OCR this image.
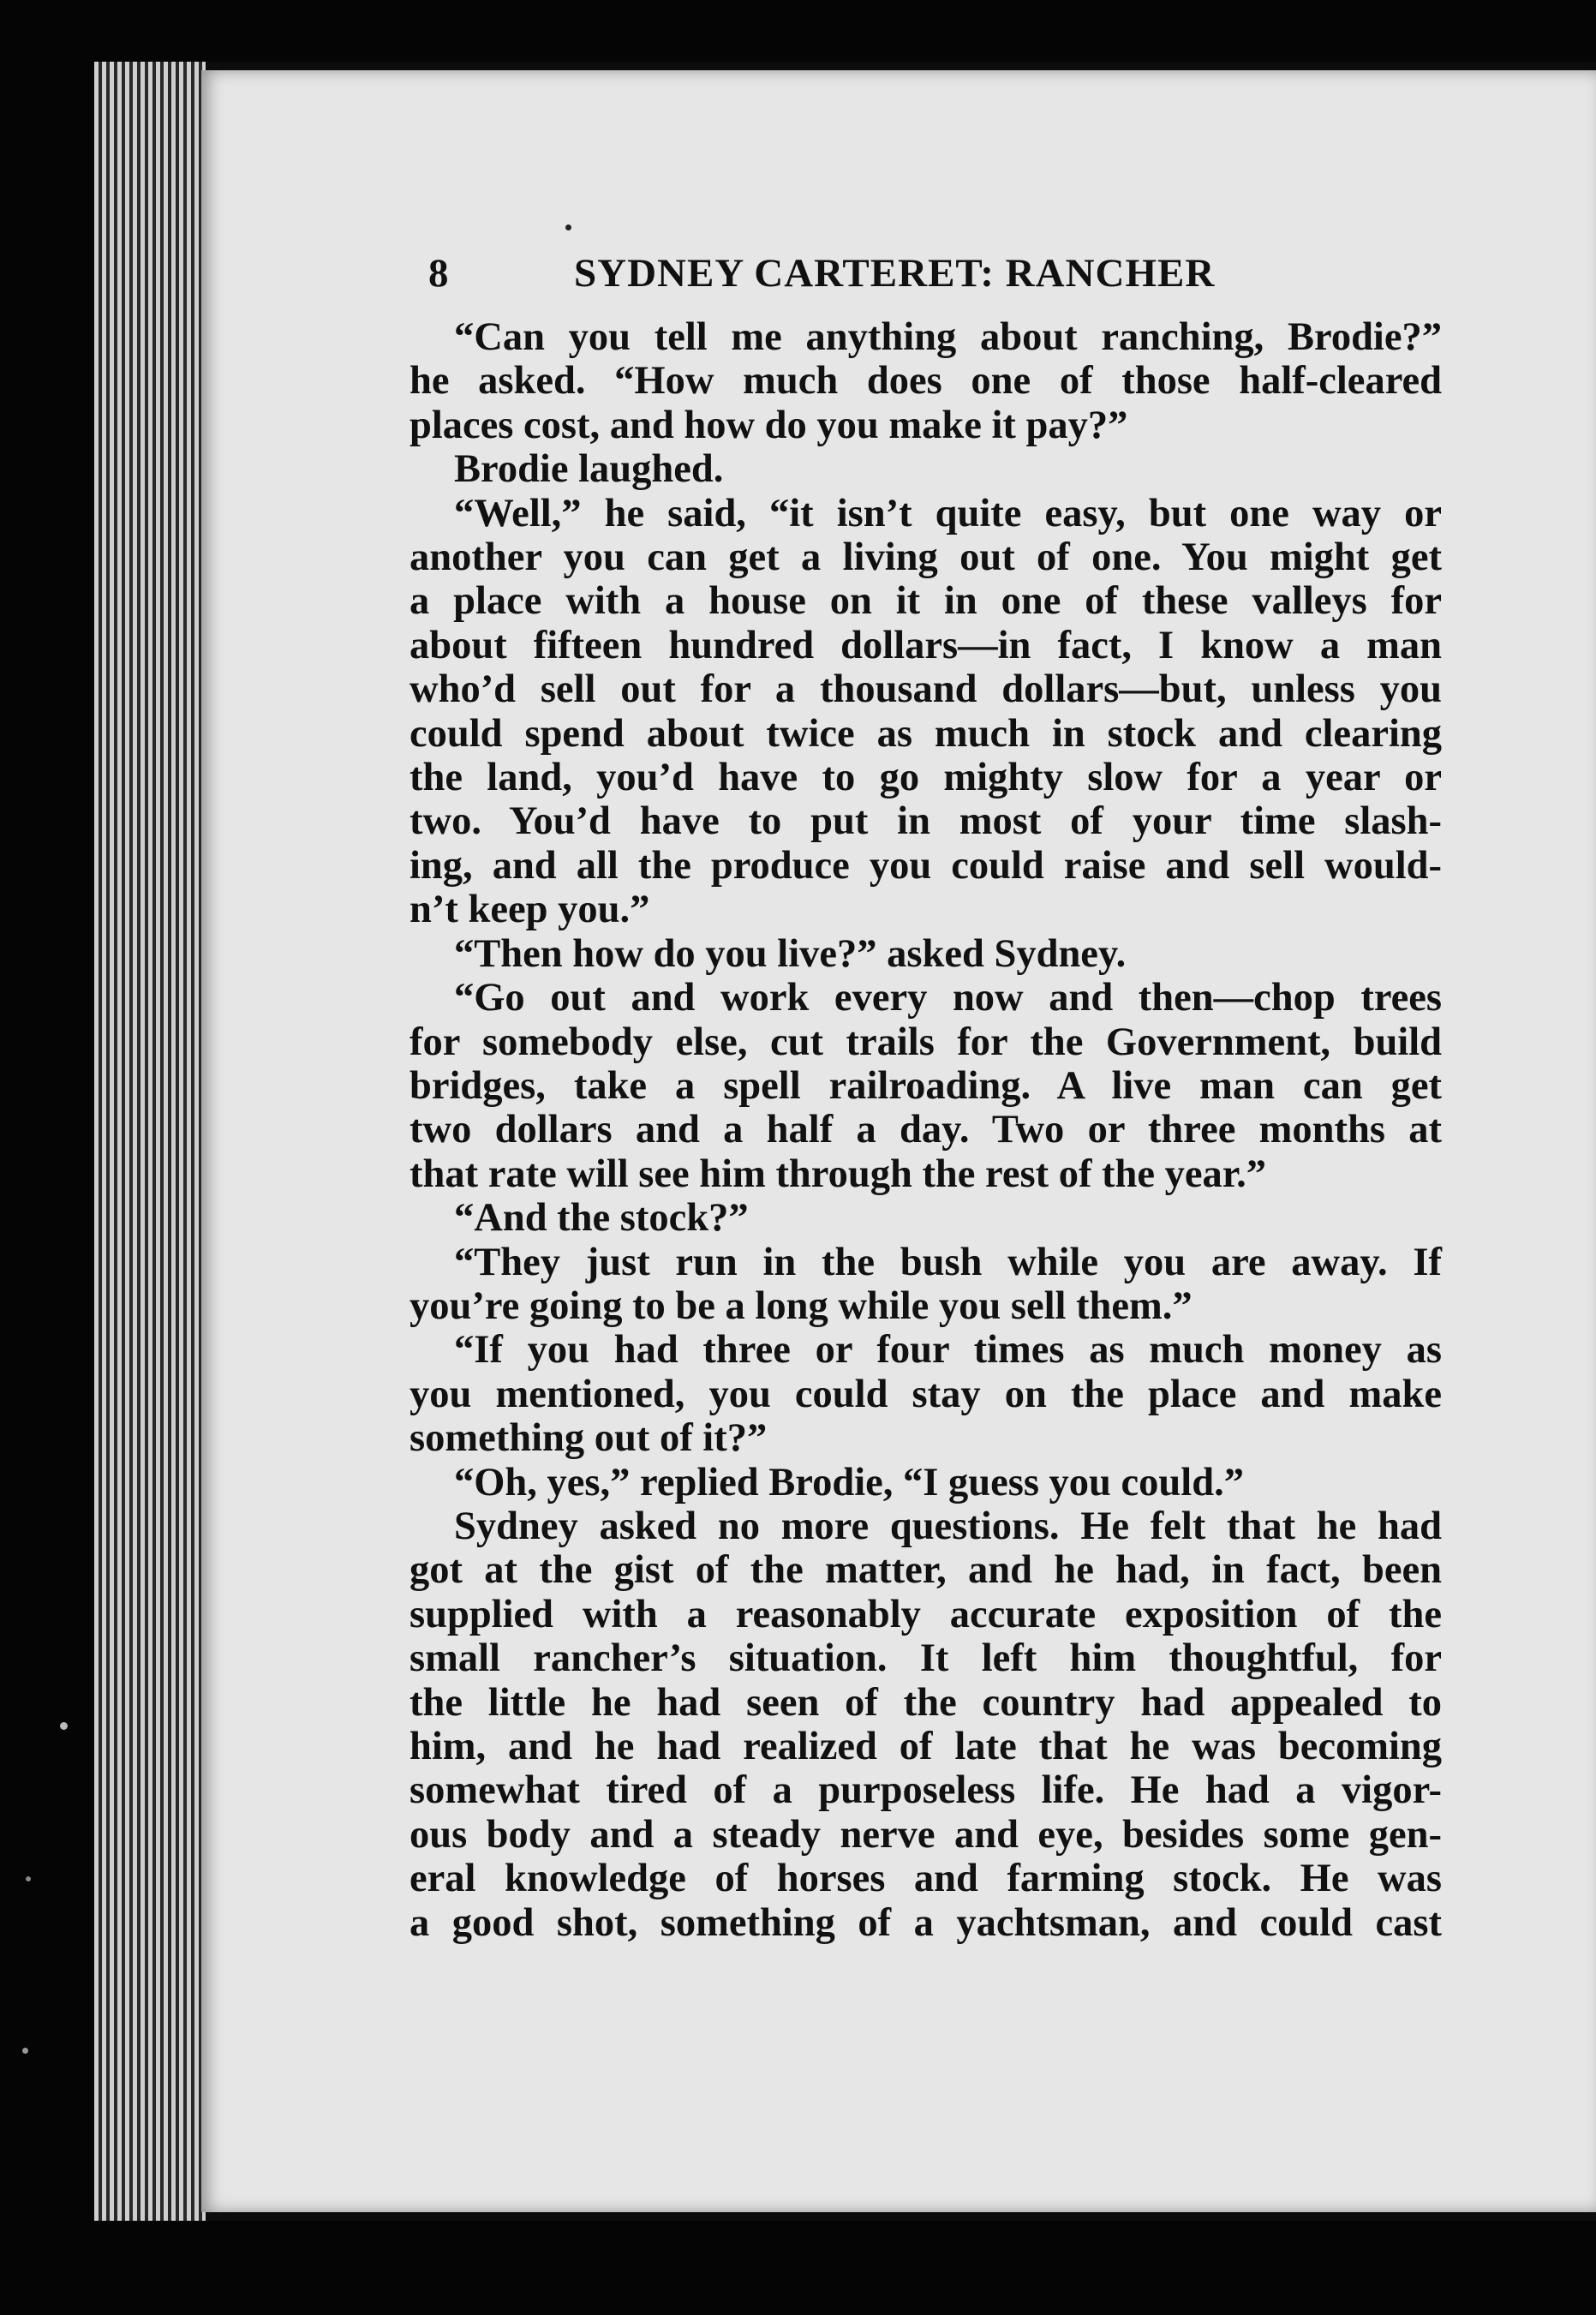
8	SYDNEY CARTERET: RANCHER
“Can you tell me anything about ranching, Brodie?”
he asked. “How much does one of those half-cleared
places cost, and how do you make it pay?”
Brodie laughed.
“Well,” he said, “it isn’t quite easy, but one way or
another you can get a living out of one. You might get
a place with a house on it in one of these valleys for
about fifteen hundred dollars—in fact, I know a man
who’d sell out for a thousand dollars—but, unless you
could spend about twice as much in stock and clearing
the land, you’d have to go mighty slow for a year or
two. You’d have to put in most of your time slash-
ing, and all the produce you could raise and sell would-
n’t keep you.”
“Then how do you live?” asked Sydney.
“Go out and work every now and then—chop trees
for somebody else, cut trails for the Government, build
bridges, take a spell railroading. A live man can get
two dollars and a half a day. Two or three months at
that rate will see him through the rest of the year.”
“And the stock?”
“They just run in the bush while you are away. If
you’re going to be a long while you sell them.”
“If you had three or four times as much money as
you mentioned, you could stay on the place and make
something out of it?”
“Oh, yes,” replied Brodie, “I guess you could.”
Sydney asked no more questions. He felt that he had
got at the gist of the matter, and he had, in fact, been
supplied with a reasonably accurate exposition of the
small rancher’s situation. It left him thoughtful, for
the little he had seen of the country had appealed to
him, and he had realized of late that he was becoming
somewhat tired of a purposeless life. He had a vigor-
ous body and a steady nerve and eye, besides some gen-
eral knowledge of horses and farming stock. He was
a good shot, something of a yachtsman, and could cast
